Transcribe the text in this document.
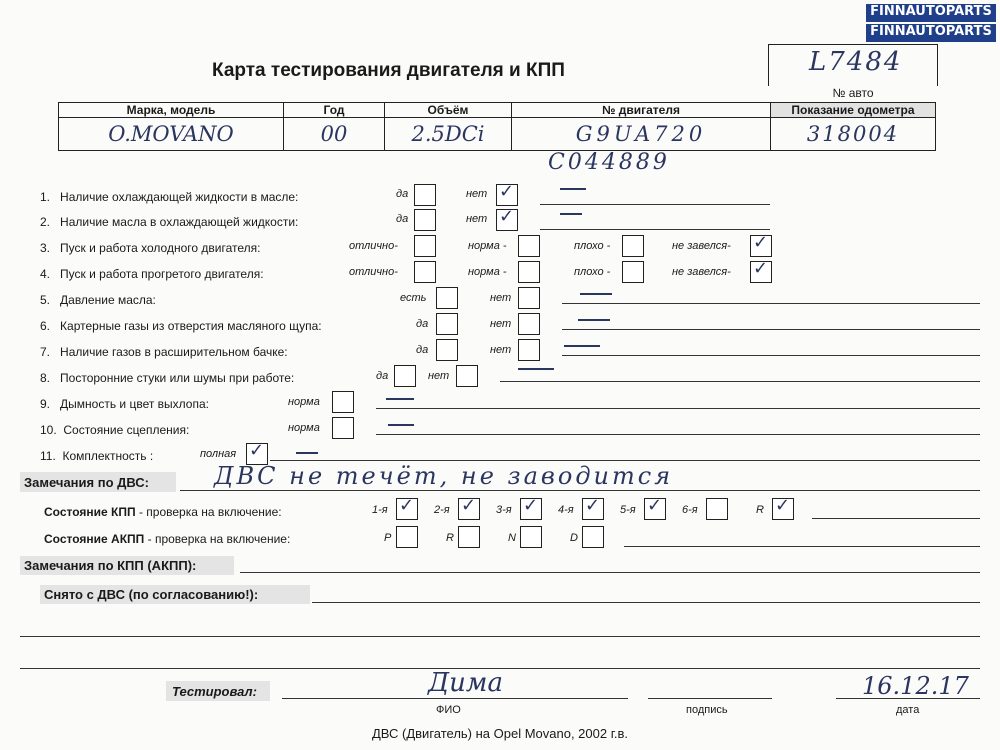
FINNAUTOPARTS
FINNAUTOPARTS
Карта тестирования двигателя и КПП	L7484
№ авто
Марка, модель	Год	Объём	№ двигателя	Показание одометра
O.MOVANO	00	2.5DCi	G9UA720	318004
C044889
1. Наличие охлаждающей жидкости в масле:	да	нет ✓
2. Наличие масла в охлаждающей жидкости:	да	нет ✓
3. Пуск и работа холодного двигателя:	отлично-	норма -	плохо -	не завелся- ✓
4. Пуск и работа прогретого двигателя:	отлично-	норма -	плохо -	не завелся- ✓
5. Давление масла:	есть	нет
6. Картерные газы из отверстия масляного щупа:	да	нет
7. Наличие газов в расширительном бачке:	да	нет
8. Посторонние стуки или шумы при работе:	да	нет
9. Дымность и цвет выхлопа:	норма
10. Состояние сцепления:	норма
11. Комплектность :	полная ✓
Замечания по ДВС:	ДВС не течёт, не заводится
Состояние КПП - проверка на включение:	1-я ✓ 2-я ✓ 3-я ✓ 4-я ✓ 5-я ✓ 6-я	R ✓
Состояние АКПП - проверка на включение:	P	R	N	D
Замечания по КПП (АКПП):
Снято с ДВС (по согласованию!):
Тестировал:	Дима	16.12.17
ФИО	подпись	дата
ДВС (Двигатель) на Opel Movano, 2002 г.в.
